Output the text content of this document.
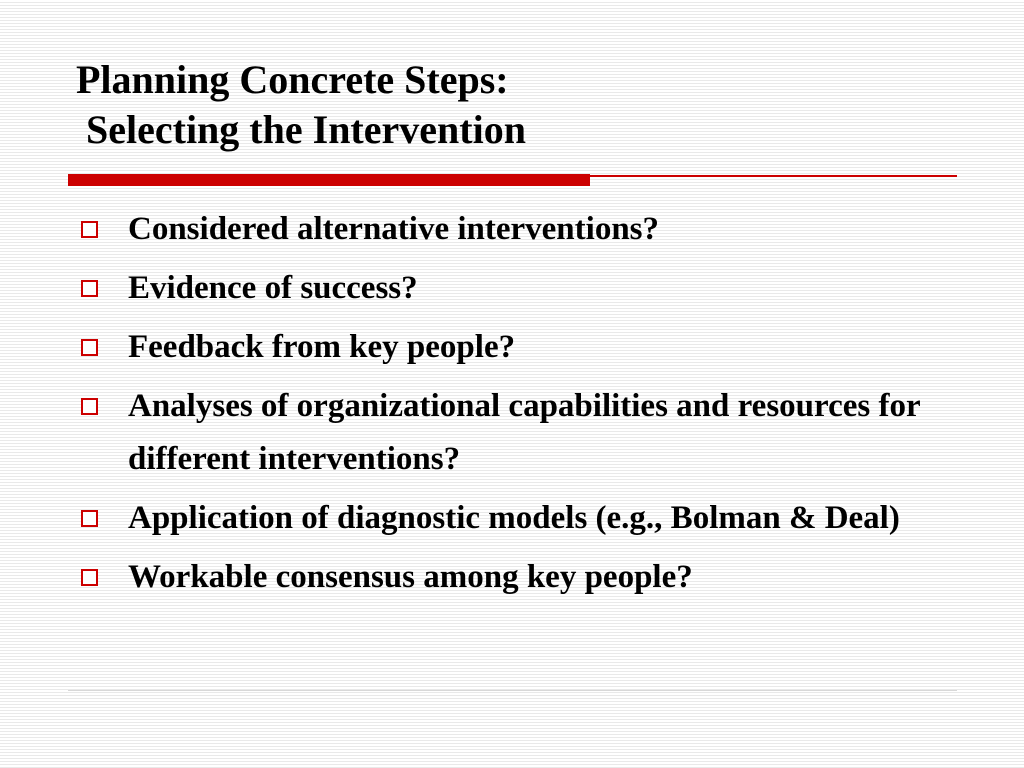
Planning Concrete Steps:
Selecting the Intervention
Considered alternative interventions?
Evidence of success?
Feedback from key people?
Analyses of organizational capabilities and resources for different interventions?
Application of diagnostic models (e.g., Bolman & Deal)
Workable consensus among key people?
